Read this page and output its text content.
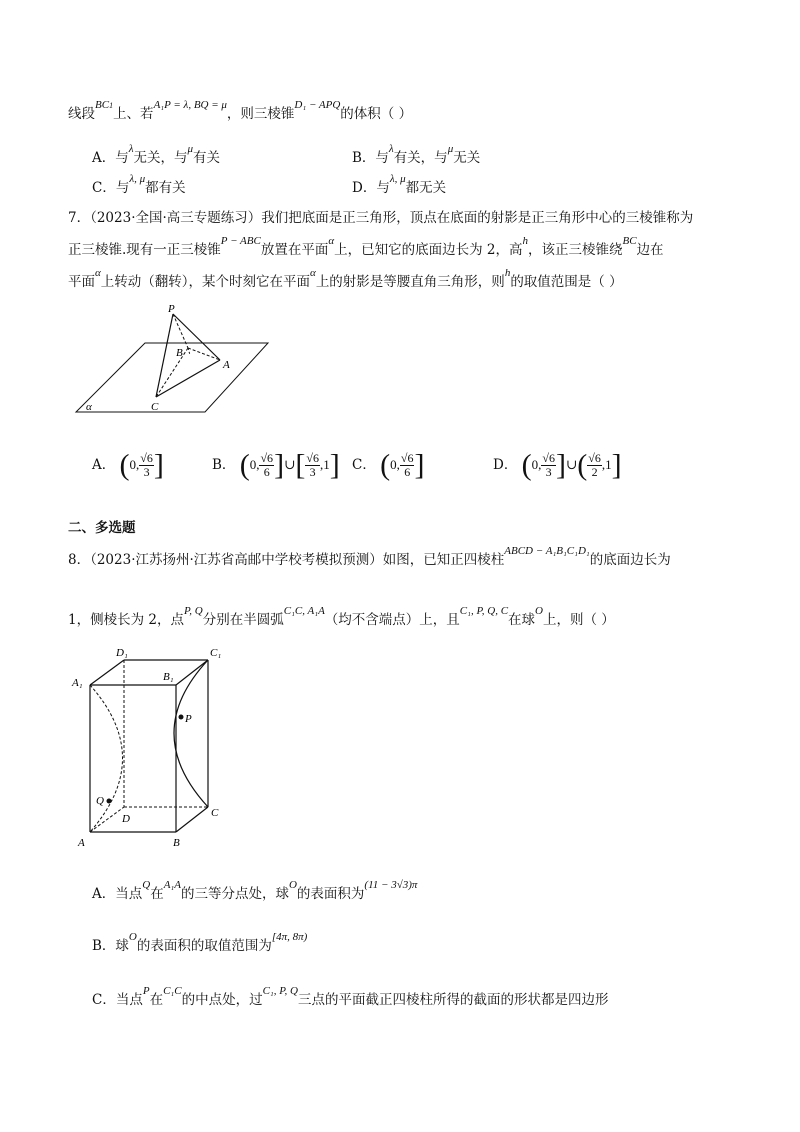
线段$^{BC1}$上、若$^{A_1P = \lambda, BQ = \mu}$，则三棱锥$^{D_1 - APQ}$的体积（ ）
A．与$^\lambda$无关，与$^\mu$有关	B．与$^\lambda$有关，与$^\mu$无关
C．与$^{\lambda, \mu}$都有关	D．与$^{\lambda, \mu}$都无关
7．（2023·全国·高三专题练习）我们把底面是正三角形，顶点在底面的射影是正三角形中心的三棱锥称为
正三棱锥.现有一正三棱锥$^{P - ABC}$放置在平面$^\alpha$上，已知它的底面边长为 2，高$^h$，该正三棱锥绕$^{BC}$边在
平面$^\alpha$上转动（翻转），某个时刻它在平面$^\alpha$上的射影是等腰直角三角形，则$^h$的取值范围是（ ）
P
B
A
C
α
A． (0, $\frac{√6}{3}$ ]	B． (0, $\frac{√6}{6}$ ]∪[ $\frac{√6}{3} ,1$] C． (0, $\frac{√6}{6}$ ]	D． (0, $\frac{√6}{3}$ ]∪( $\frac{√6}{2} ,1$]
二、多选题
8．（2023·江苏扬州·江苏省高邮中学校考模拟预测）如图，已知正四棱柱$^{ABCD - A_1B_1C_1D_1}$的底面边长为
1，侧棱长为 2，点$^{P, Q}$分别在半圆弧$^{C_1C, A_1A}$（均不含端点）上，且$^{C_1, P, Q, C}$在球$^O$上，则（ ）
D₁	C₁
A₁	B₁
P
Q
D	C
A	B
A．当点$^Q$在$^{A_1A}$的三等分点处，球$^O$的表面积为$^{(11 - 3√3)\pi}$
B．球$^O$的表面积的取值范围为$^{[4\pi, 8\pi)}$
C．当点$^P$在$^{C_1C}$的中点处，过$^{C_1, P, Q}$三点的平面截正四棱柱所得的截面的形状都是四边形
